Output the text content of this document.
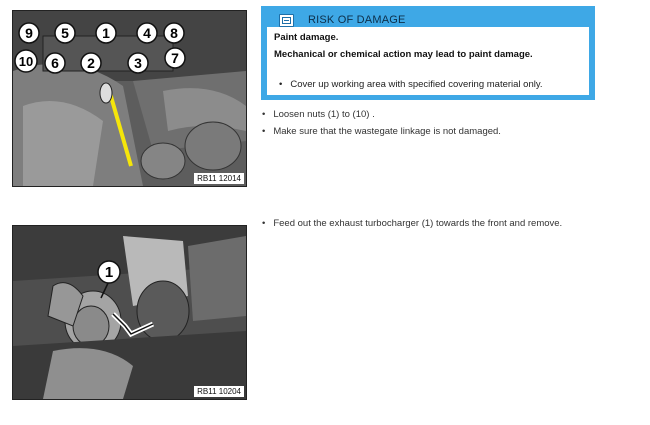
9 5 1 4 8
10 6 2	3 7
RB11 12014
RISK OF DAMAGE
Paint damage.
Mechanical or chemical action may lead to paint damage.
• Cover up working area with specified covering material only.
• Loosen nuts (1) to (10) .
• Make sure that the wastegate linkage is not damaged.
1
RB11 10204
• Feed out the exhaust turbocharger (1) towards the front and remove.
